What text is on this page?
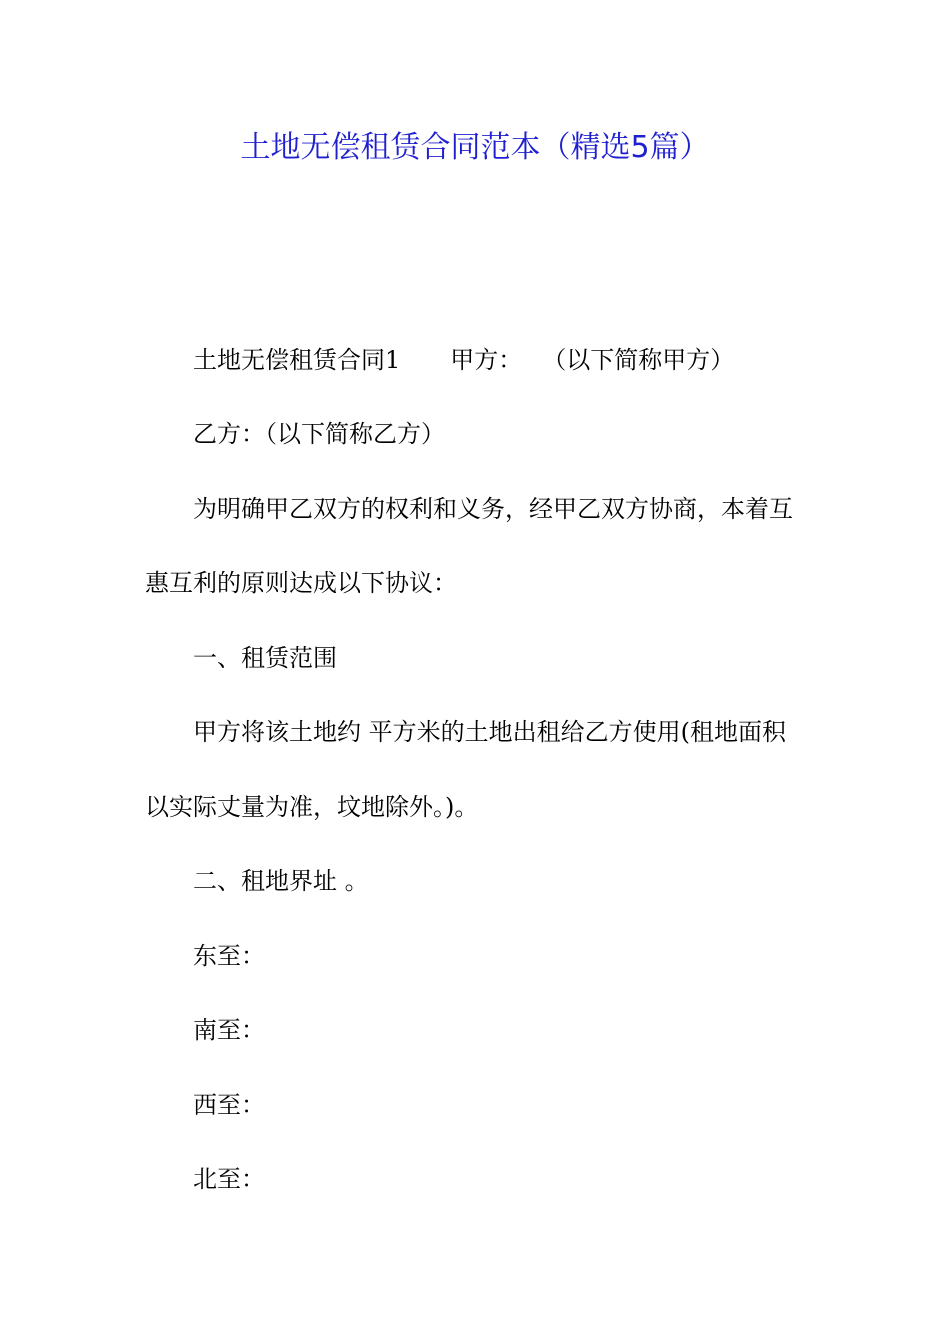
土地无偿租赁合同范本（精选5篇）

土地无偿租赁合同1 甲方： （以下简称甲方）

乙方：（以下简称乙方）

为明确甲乙双方的权利和义务，经甲乙双方协商，本着互

惠互利的原则达成以下协议：

一、租赁范围

甲方将该土地约 平方米的土地出租给乙方使用(租地面积

以实际丈量为准，坟地除外。)。

二、租地界址 。

东至：

南至：

西至：

北至：
